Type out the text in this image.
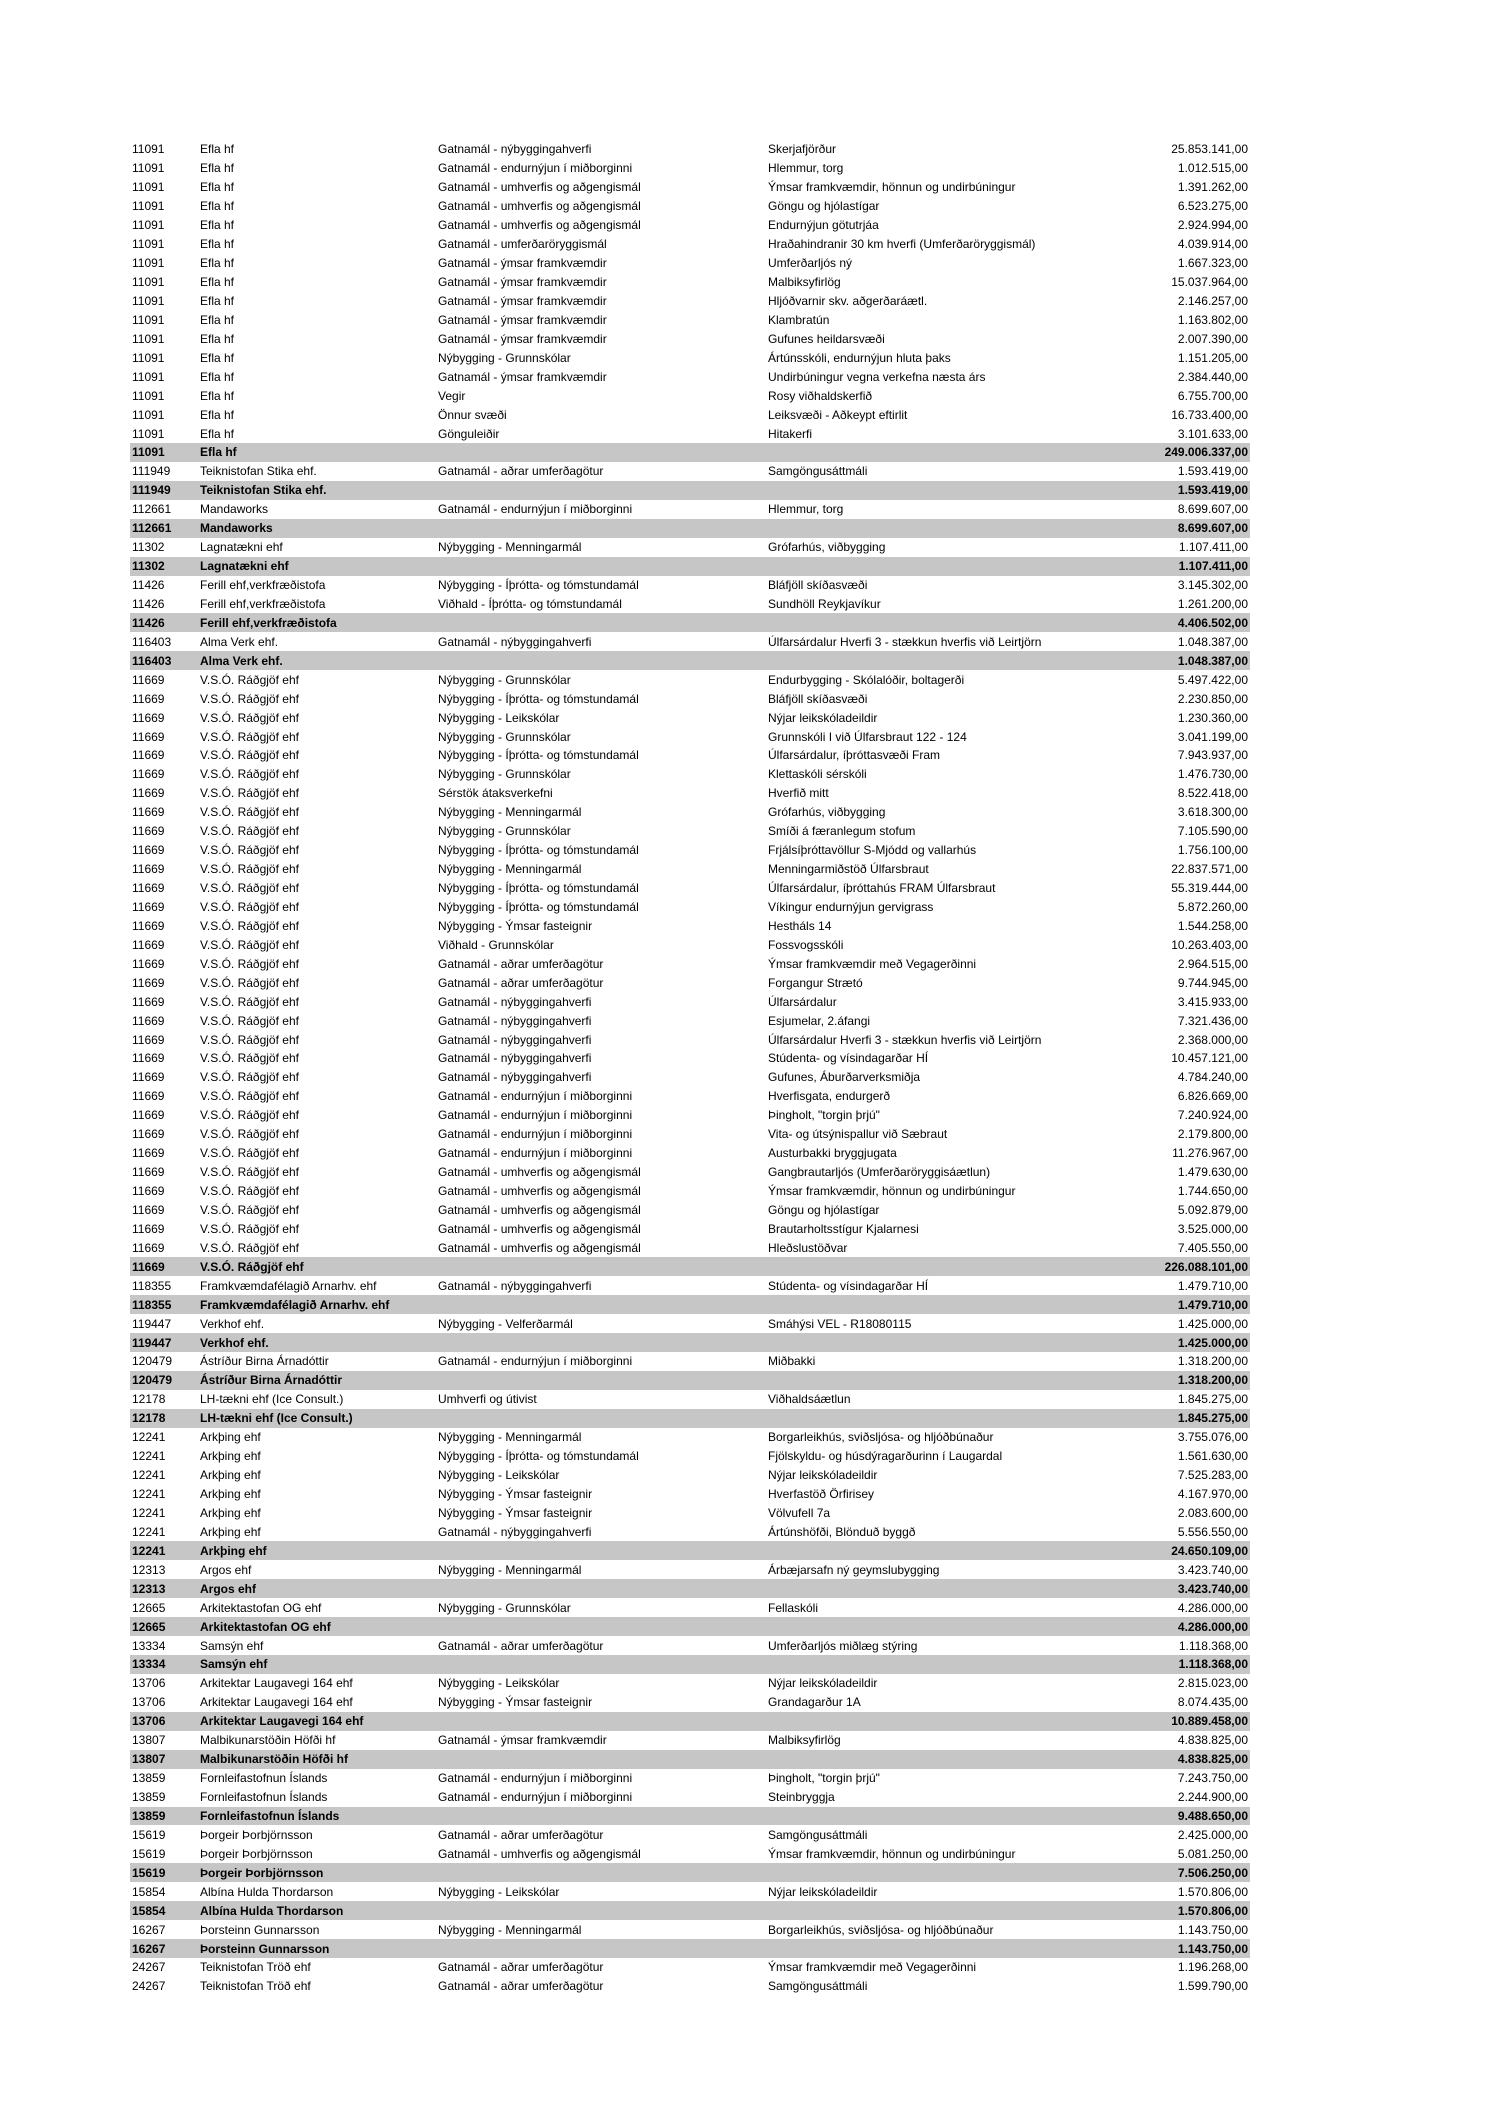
11091	Efla hf	Gatnamál - nýbyggingahverfi	Skerjafjörður	25.853.141,00
11091	Efla hf	Gatnamál - endurnýjun í miðborginni	Hlemmur, torg	1.012.515,00
11091	Efla hf	Gatnamál - umhverfis og aðgengismál	Ýmsar framkvæmdir, hönnun og undirbúningur	1.391.262,00
11091	Efla hf	Gatnamál - umhverfis og aðgengismál	Göngu og hjólastígar	6.523.275,00
11091	Efla hf	Gatnamál - umhverfis og aðgengismál	Endurnýjun götutrjáa	2.924.994,00
11091	Efla hf	Gatnamál - umferðaröryggismál	Hraðahindranir 30 km hverfi (Umferðaröryggismál)	4.039.914,00
11091	Efla hf	Gatnamál - ýmsar framkvæmdir	Umferðarljós ný	1.667.323,00
11091	Efla hf	Gatnamál - ýmsar framkvæmdir	Malbiksyfirlög	15.037.964,00
11091	Efla hf	Gatnamál - ýmsar framkvæmdir	Hljóðvarnir skv. aðgerðaráætl.	2.146.257,00
11091	Efla hf	Gatnamál - ýmsar framkvæmdir	Klambratún	1.163.802,00
11091	Efla hf	Gatnamál - ýmsar framkvæmdir	Gufunes heildarsvæði	2.007.390,00
11091	Efla hf	Nýbygging - Grunnskólar	Ártúnsskóli, endurnýjun hluta þaks	1.151.205,00
11091	Efla hf	Gatnamál - ýmsar framkvæmdir	Undirbúningur vegna verkefna næsta árs	2.384.440,00
11091	Efla hf	Vegir	Rosy viðhaldskerfið	6.755.700,00
11091	Efla hf	Önnur svæði	Leiksvæði - Aðkeypt eftirlit	16.733.400,00
11091	Efla hf	Gönguleiðir	Hitakerfi	3.101.633,00
11091	Efla hf			249.006.337,00
111949	Teiknistofan Stika ehf.	Gatnamál - aðrar umferðagötur	Samgöngusáttmáli	1.593.419,00
111949	Teiknistofan Stika ehf.			1.593.419,00
112661	Mandaworks	Gatnamál - endurnýjun í miðborginni	Hlemmur, torg	8.699.607,00
112661	Mandaworks			8.699.607,00
11302	Lagnatækni ehf	Nýbygging - Menningarmál	Grófarhús, viðbygging	1.107.411,00
11302	Lagnatækni ehf			1.107.411,00
11426	Ferill ehf,verkfræðistofa	Nýbygging - Íþrótta- og tómstundamál	Bláfjöll skíðasvæði	3.145.302,00
11426	Ferill ehf,verkfræðistofa	Viðhald - Íþrótta- og tómstundamál	Sundhöll Reykjavíkur	1.261.200,00
11426	Ferill ehf,verkfræðistofa			4.406.502,00
116403	Alma Verk ehf.	Gatnamál - nýbyggingahverfi	Úlfarsárdalur Hverfi 3 - stækkun hverfis við Leirtjörn	1.048.387,00
116403	Alma Verk ehf.			1.048.387,00
11669	V.S.Ó. Ráðgjöf ehf	Nýbygging - Grunnskólar	Endurbygging - Skólalóðir, boltagerði	5.497.422,00
11669	V.S.Ó. Ráðgjöf ehf	Nýbygging - Íþrótta- og tómstundamál	Bláfjöll skíðasvæði	2.230.850,00
11669	V.S.Ó. Ráðgjöf ehf	Nýbygging - Leikskólar	Nýjar leikskóladeildir	1.230.360,00
11669	V.S.Ó. Ráðgjöf ehf	Nýbygging - Grunnskólar	Grunnskóli I við Úlfarsbraut 122 - 124	3.041.199,00
11669	V.S.Ó. Ráðgjöf ehf	Nýbygging - Íþrótta- og tómstundamál	Úlfarsárdalur, íþróttasvæði Fram	7.943.937,00
11669	V.S.Ó. Ráðgjöf ehf	Nýbygging - Grunnskólar	Klettaskóli sérskóli	1.476.730,00
11669	V.S.Ó. Ráðgjöf ehf	Sérstök átaksverkefni	Hverfið mitt	8.522.418,00
11669	V.S.Ó. Ráðgjöf ehf	Nýbygging - Menningarmál	Grófarhús, viðbygging	3.618.300,00
11669	V.S.Ó. Ráðgjöf ehf	Nýbygging - Grunnskólar	Smíði á færanlegum stofum	7.105.590,00
11669	V.S.Ó. Ráðgjöf ehf	Nýbygging - Íþrótta- og tómstundamál	Frjálsíþróttavöllur S-Mjódd og vallarhús	1.756.100,00
11669	V.S.Ó. Ráðgjöf ehf	Nýbygging - Menningarmál	Menningarmiðstöð Úlfarsbraut	22.837.571,00
11669	V.S.Ó. Ráðgjöf ehf	Nýbygging - Íþrótta- og tómstundamál	Úlfarsárdalur, íþróttahús FRAM Úlfarsbraut	55.319.444,00
11669	V.S.Ó. Ráðgjöf ehf	Nýbygging - Íþrótta- og tómstundamál	Víkingur endurnýjun gervigrass	5.872.260,00
11669	V.S.Ó. Ráðgjöf ehf	Nýbygging - Ýmsar fasteignir	Hestháls 14	1.544.258,00
11669	V.S.Ó. Ráðgjöf ehf	Viðhald - Grunnskólar	Fossvogsskóli	10.263.403,00
11669	V.S.Ó. Ráðgjöf ehf	Gatnamál - aðrar umferðagötur	Ýmsar framkvæmdir með Vegagerðinni	2.964.515,00
11669	V.S.Ó. Ráðgjöf ehf	Gatnamál - aðrar umferðagötur	Forgangur Strætó	9.744.945,00
11669	V.S.Ó. Ráðgjöf ehf	Gatnamál - nýbyggingahverfi	Úlfarsárdalur	3.415.933,00
11669	V.S.Ó. Ráðgjöf ehf	Gatnamál - nýbyggingahverfi	Esjumelar, 2.áfangi	7.321.436,00
11669	V.S.Ó. Ráðgjöf ehf	Gatnamál - nýbyggingahverfi	Úlfarsárdalur Hverfi 3 - stækkun hverfis við Leirtjörn	2.368.000,00
11669	V.S.Ó. Ráðgjöf ehf	Gatnamál - nýbyggingahverfi	Stúdenta- og vísindagarðar HÍ	10.457.121,00
11669	V.S.Ó. Ráðgjöf ehf	Gatnamál - nýbyggingahverfi	Gufunes, Áburðarverksmiðja	4.784.240,00
11669	V.S.Ó. Ráðgjöf ehf	Gatnamál - endurnýjun í miðborginni	Hverfisgata, endurgerð	6.826.669,00
11669	V.S.Ó. Ráðgjöf ehf	Gatnamál - endurnýjun í miðborginni	Þingholt, "torgin þrjú"	7.240.924,00
11669	V.S.Ó. Ráðgjöf ehf	Gatnamál - endurnýjun í miðborginni	Vita- og útsýnispallur við Sæbraut	2.179.800,00
11669	V.S.Ó. Ráðgjöf ehf	Gatnamál - endurnýjun í miðborginni	Austurbakki bryggjugata	11.276.967,00
11669	V.S.Ó. Ráðgjöf ehf	Gatnamál - umhverfis og aðgengismál	Gangbrautarljós (Umferðaröryggisáætlun)	1.479.630,00
11669	V.S.Ó. Ráðgjöf ehf	Gatnamál - umhverfis og aðgengismál	Ýmsar framkvæmdir, hönnun og undirbúningur	1.744.650,00
11669	V.S.Ó. Ráðgjöf ehf	Gatnamál - umhverfis og aðgengismál	Göngu og hjólastígar	5.092.879,00
11669	V.S.Ó. Ráðgjöf ehf	Gatnamál - umhverfis og aðgengismál	Brautarholtsstígur Kjalarnesi	3.525.000,00
11669	V.S.Ó. Ráðgjöf ehf	Gatnamál - umhverfis og aðgengismál	Hleðslustöðvar	7.405.550,00
11669	V.S.Ó. Ráðgjöf ehf			226.088.101,00
118355	Framkvæmdafélagið Arnarhv. ehf	Gatnamál - nýbyggingahverfi	Stúdenta- og vísindagarðar HÍ	1.479.710,00
118355	Framkvæmdafélagið Arnarhv. ehf			1.479.710,00
119447	Verkhof ehf.	Nýbygging - Velferðarmál	Smáhýsi VEL - R18080115	1.425.000,00
119447	Verkhof ehf.			1.425.000,00
120479	Ástríður Birna Árnadóttir	Gatnamál - endurnýjun í miðborginni	Miðbakki	1.318.200,00
120479	Ástríður Birna Árnadóttir			1.318.200,00
12178	LH-tækni ehf (Ice Consult.)	Umhverfi og útivist	Viðhaldsáætlun	1.845.275,00
12178	LH-tækni ehf (Ice Consult.)			1.845.275,00
12241	Arkþing ehf	Nýbygging - Menningarmál	Borgarleikhús, sviðsljósa- og hljóðbúnaður	3.755.076,00
12241	Arkþing ehf	Nýbygging - Íþrótta- og tómstundamál	Fjölskyldu- og húsdýragarðurinn í Laugardal	1.561.630,00
12241	Arkþing ehf	Nýbygging - Leikskólar	Nýjar leikskóladeildir	7.525.283,00
12241	Arkþing ehf	Nýbygging - Ýmsar fasteignir	Hverfastöð Örfirisey	4.167.970,00
12241	Arkþing ehf	Nýbygging - Ýmsar fasteignir	Völvufell 7a	2.083.600,00
12241	Arkþing ehf	Gatnamál - nýbyggingahverfi	Ártúnshöfði, Blönduð byggð	5.556.550,00
12241	Arkþing ehf			24.650.109,00
12313	Argos ehf	Nýbygging - Menningarmál	Árbæjarsafn ný geymslubygging	3.423.740,00
12313	Argos ehf			3.423.740,00
12665	Arkitektastofan OG ehf	Nýbygging - Grunnskólar	Fellaskóli	4.286.000,00
12665	Arkitektastofan OG ehf			4.286.000,00
13334	Samsýn ehf	Gatnamál - aðrar umferðagötur	Umferðarljós miðlæg stýring	1.118.368,00
13334	Samsýn ehf			1.118.368,00
13706	Arkitektar Laugavegi 164 ehf	Nýbygging - Leikskólar	Nýjar leikskóladeildir	2.815.023,00
13706	Arkitektar Laugavegi 164 ehf	Nýbygging - Ýmsar fasteignir	Grandagarður 1A	8.074.435,00
13706	Arkitektar Laugavegi 164 ehf			10.889.458,00
13807	Malbikunarstöðin Höfði hf	Gatnamál - ýmsar framkvæmdir	Malbiksyfirlög	4.838.825,00
13807	Malbikunarstöðin Höfði hf			4.838.825,00
13859	Fornleifastofnun Íslands	Gatnamál - endurnýjun í miðborginni	Þingholt, "torgin þrjú"	7.243.750,00
13859	Fornleifastofnun Íslands	Gatnamál - endurnýjun í miðborginni	Steinbryggja	2.244.900,00
13859	Fornleifastofnun Íslands			9.488.650,00
15619	Þorgeir Þorbjörnsson	Gatnamál - aðrar umferðagötur	Samgöngusáttmáli	2.425.000,00
15619	Þorgeir Þorbjörnsson	Gatnamál - umhverfis og aðgengismál	Ýmsar framkvæmdir, hönnun og undirbúningur	5.081.250,00
15619	Þorgeir Þorbjörnsson			7.506.250,00
15854	Albína Hulda Thordarson	Nýbygging - Leikskólar	Nýjar leikskóladeildir	1.570.806,00
15854	Albína Hulda Thordarson			1.570.806,00
16267	Þorsteinn Gunnarsson	Nýbygging - Menningarmál	Borgarleikhús, sviðsljósa- og hljóðbúnaður	1.143.750,00
16267	Þorsteinn Gunnarsson			1.143.750,00
24267	Teiknistofan Tröð ehf	Gatnamál - aðrar umferðagötur	Ýmsar framkvæmdir með Vegagerðinni	1.196.268,00
24267	Teiknistofan Tröð ehf	Gatnamál - aðrar umferðagötur	Samgöngusáttmáli	1.599.790,00
